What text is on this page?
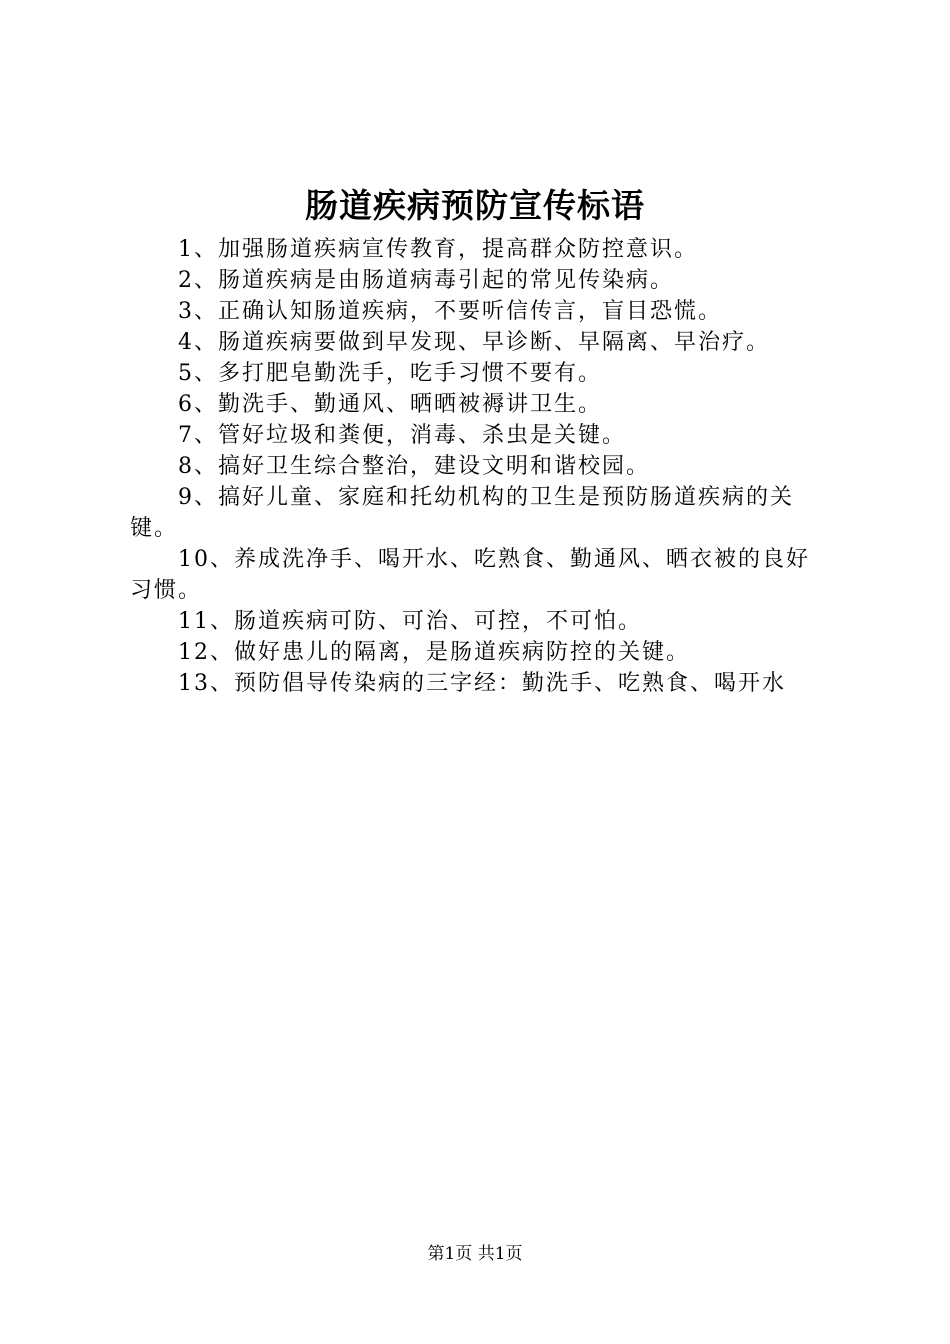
肠道疾病预防宣传标语

1、加强肠道疾病宣传教育，提高群众防控意识。

2、肠道疾病是由肠道病毒引起的常见传染病。

3、正确认知肠道疾病，不要听信传言，盲目恐慌。

4、肠道疾病要做到早发现、早诊断、早隔离、早治疗。

5、多打肥皂勤洗手，吃手习惯不要有。

6、勤洗手、勤通风、晒晒被褥讲卫生。

7、管好垃圾和粪便，消毒、杀虫是关键。

8、搞好卫生综合整治，建设文明和谐校园。

9、搞好儿童、家庭和托幼机构的卫生是预防肠道疾病的关键。

10、养成洗净手、喝开水、吃熟食、勤通风、晒衣被的良好习惯。

11、肠道疾病可防、可治、可控，不可怕。

12、做好患儿的隔离，是肠道疾病防控的关键。

13、预防倡导传染病的三字经：勤洗手、吃熟食、喝开水

第1页 共1页
